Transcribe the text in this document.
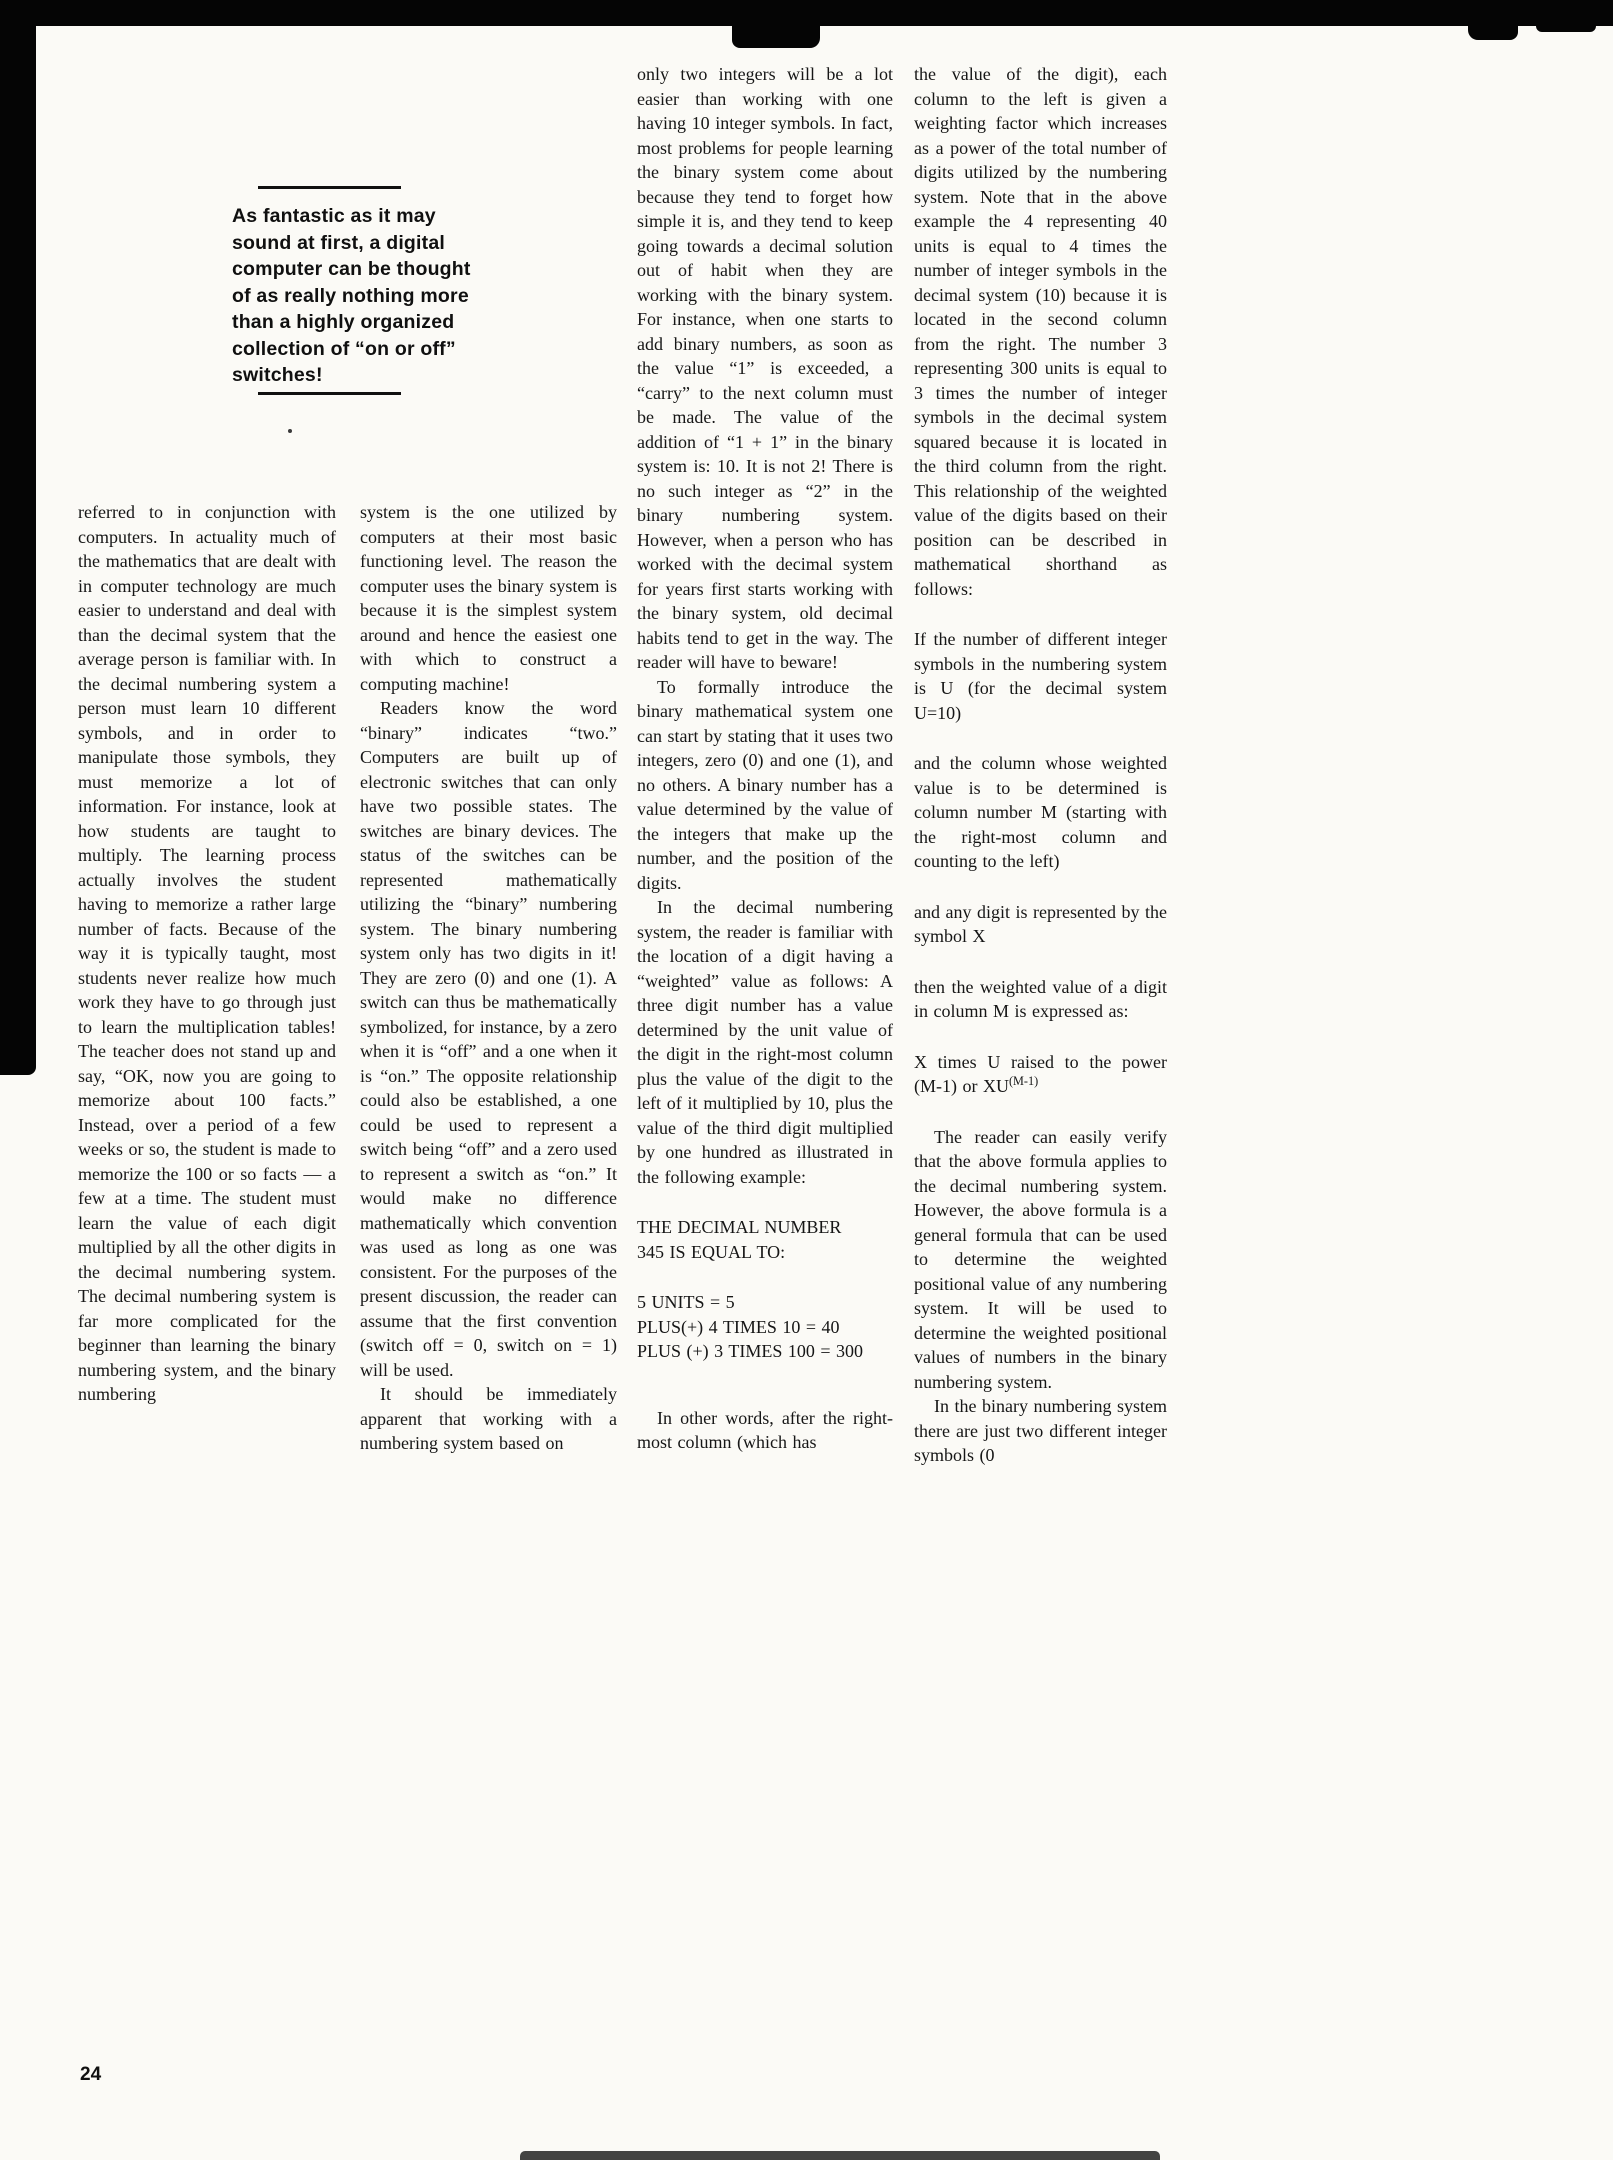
As fantastic as it may
sound at first, a digital
computer can be thought
of as really nothing more
than a highly organized
collection of “on or off”
switches!

referred to in conjunction with computers. In actuality much of the mathematics that are dealt with in computer technology are much easier to understand and deal with than the decimal system that the average person is familiar with. In the decimal numbering system a person must learn 10 different symbols, and in order to manipulate those symbols, they must memorize a lot of information. For instance, look at how students are taught to multiply. The learning process actually involves the student having to memorize a rather large number of facts. Because of the way it is typically taught, most students never realize how much work they have to go through just to learn the multiplication tables! The teacher does not stand up and say, “OK, now you are going to memorize about 100 facts.” Instead, over a period of a few weeks or so, the student is made to memorize the 100 or so facts — a few at a time. The student must learn the value of each digit multiplied by all the other digits in the decimal numbering system. The decimal numbering system is far more complicated for the beginner than learning the binary numbering system, and the binary numbering

system is the one utilized by computers at their most basic functioning level. The reason the computer uses the binary system is because it is the simplest system around and hence the easiest one with which to construct a computing machine!

Readers know the word “binary” indicates “two.” Computers are built up of electronic switches that can only have two possible states. The switches are binary devices. The status of the switches can be represented mathematically utilizing the “binary” numbering system. The binary numbering system only has two digits in it! They are zero (0) and one (1). A switch can thus be mathematically symbolized, for instance, by a zero when it is “off” and a one when it is “on.” The opposite relationship could also be established, a one could be used to represent a switch being “off” and a zero used to represent a switch as “on.” It would make no difference mathematically which convention was used as long as one was consistent. For the purposes of the present discussion, the reader can assume that the first convention (switch off = 0, switch on = 1) will be used.

It should be immediately apparent that working with a numbering system based on

only two integers will be a lot easier than working with one having 10 integer symbols. In fact, most problems for people learning the binary system come about because they tend to forget how simple it is, and they tend to keep going towards a decimal solution out of habit when they are working with the binary system. For instance, when one starts to add binary numbers, as soon as the value “1” is exceeded, a “carry” to the next column must be made. The value of the addition of “1 + 1” in the binary system is: 10. It is not 2! There is no such integer as “2” in the binary numbering system. However, when a person who has worked with the decimal system for years first starts working with the binary system, old decimal habits tend to get in the way. The reader will have to beware!

To formally introduce the binary mathematical system one can start by stating that it uses two integers, zero (0) and one (1), and no others. A binary number has a value determined by the value of the integers that make up the number, and the position of the digits.

In the decimal numbering system, the reader is familiar with the location of a digit having a “weighted” value as follows: A three digit number has a value determined by the unit value of the digit in the right-most column plus the value of the digit to the left of it multiplied by 10, plus the value of the third digit multiplied by one hundred as illustrated in the following example:

THE DECIMAL NUMBER
345 IS EQUAL TO:
5 UNITS = 5
PLUS(+) 4 TIMES 10 = 40
PLUS (+) 3 TIMES 100 = 300

In other words, after the right-most column (which has

the value of the digit), each column to the left is given a weighting factor which increases as a power of the total number of digits utilized by the numbering system. Note that in the above example the 4 representing 40 units is equal to 4 times the number of integer symbols in the decimal system (10) because it is located in the second column from the right. The number 3 representing 300 units is equal to 3 times the number of integer symbols in the decimal system squared because it is located in the third column from the right. This relationship of the weighted value of the digits based on their position can be described in mathematical shorthand as follows:

If the number of different integer symbols in the numbering system is U (for the decimal system U=10)

and the column whose weighted value is to be determined is column number M (starting with the right-most column and counting to the left)

and any digit is represented by the symbol X

then the weighted value of a digit in column M is expressed as:

X times U raised to the power (M-1) or $XU^{(M-1)}$

The reader can easily verify that the above formula applies to the decimal numbering system. However, the above formula is a general formula that can be used to determine the weighted positional value of any numbering system. It will be used to determine the weighted positional values of numbers in the binary numbering system.

In the binary numbering system there are just two different integer symbols (0

24
